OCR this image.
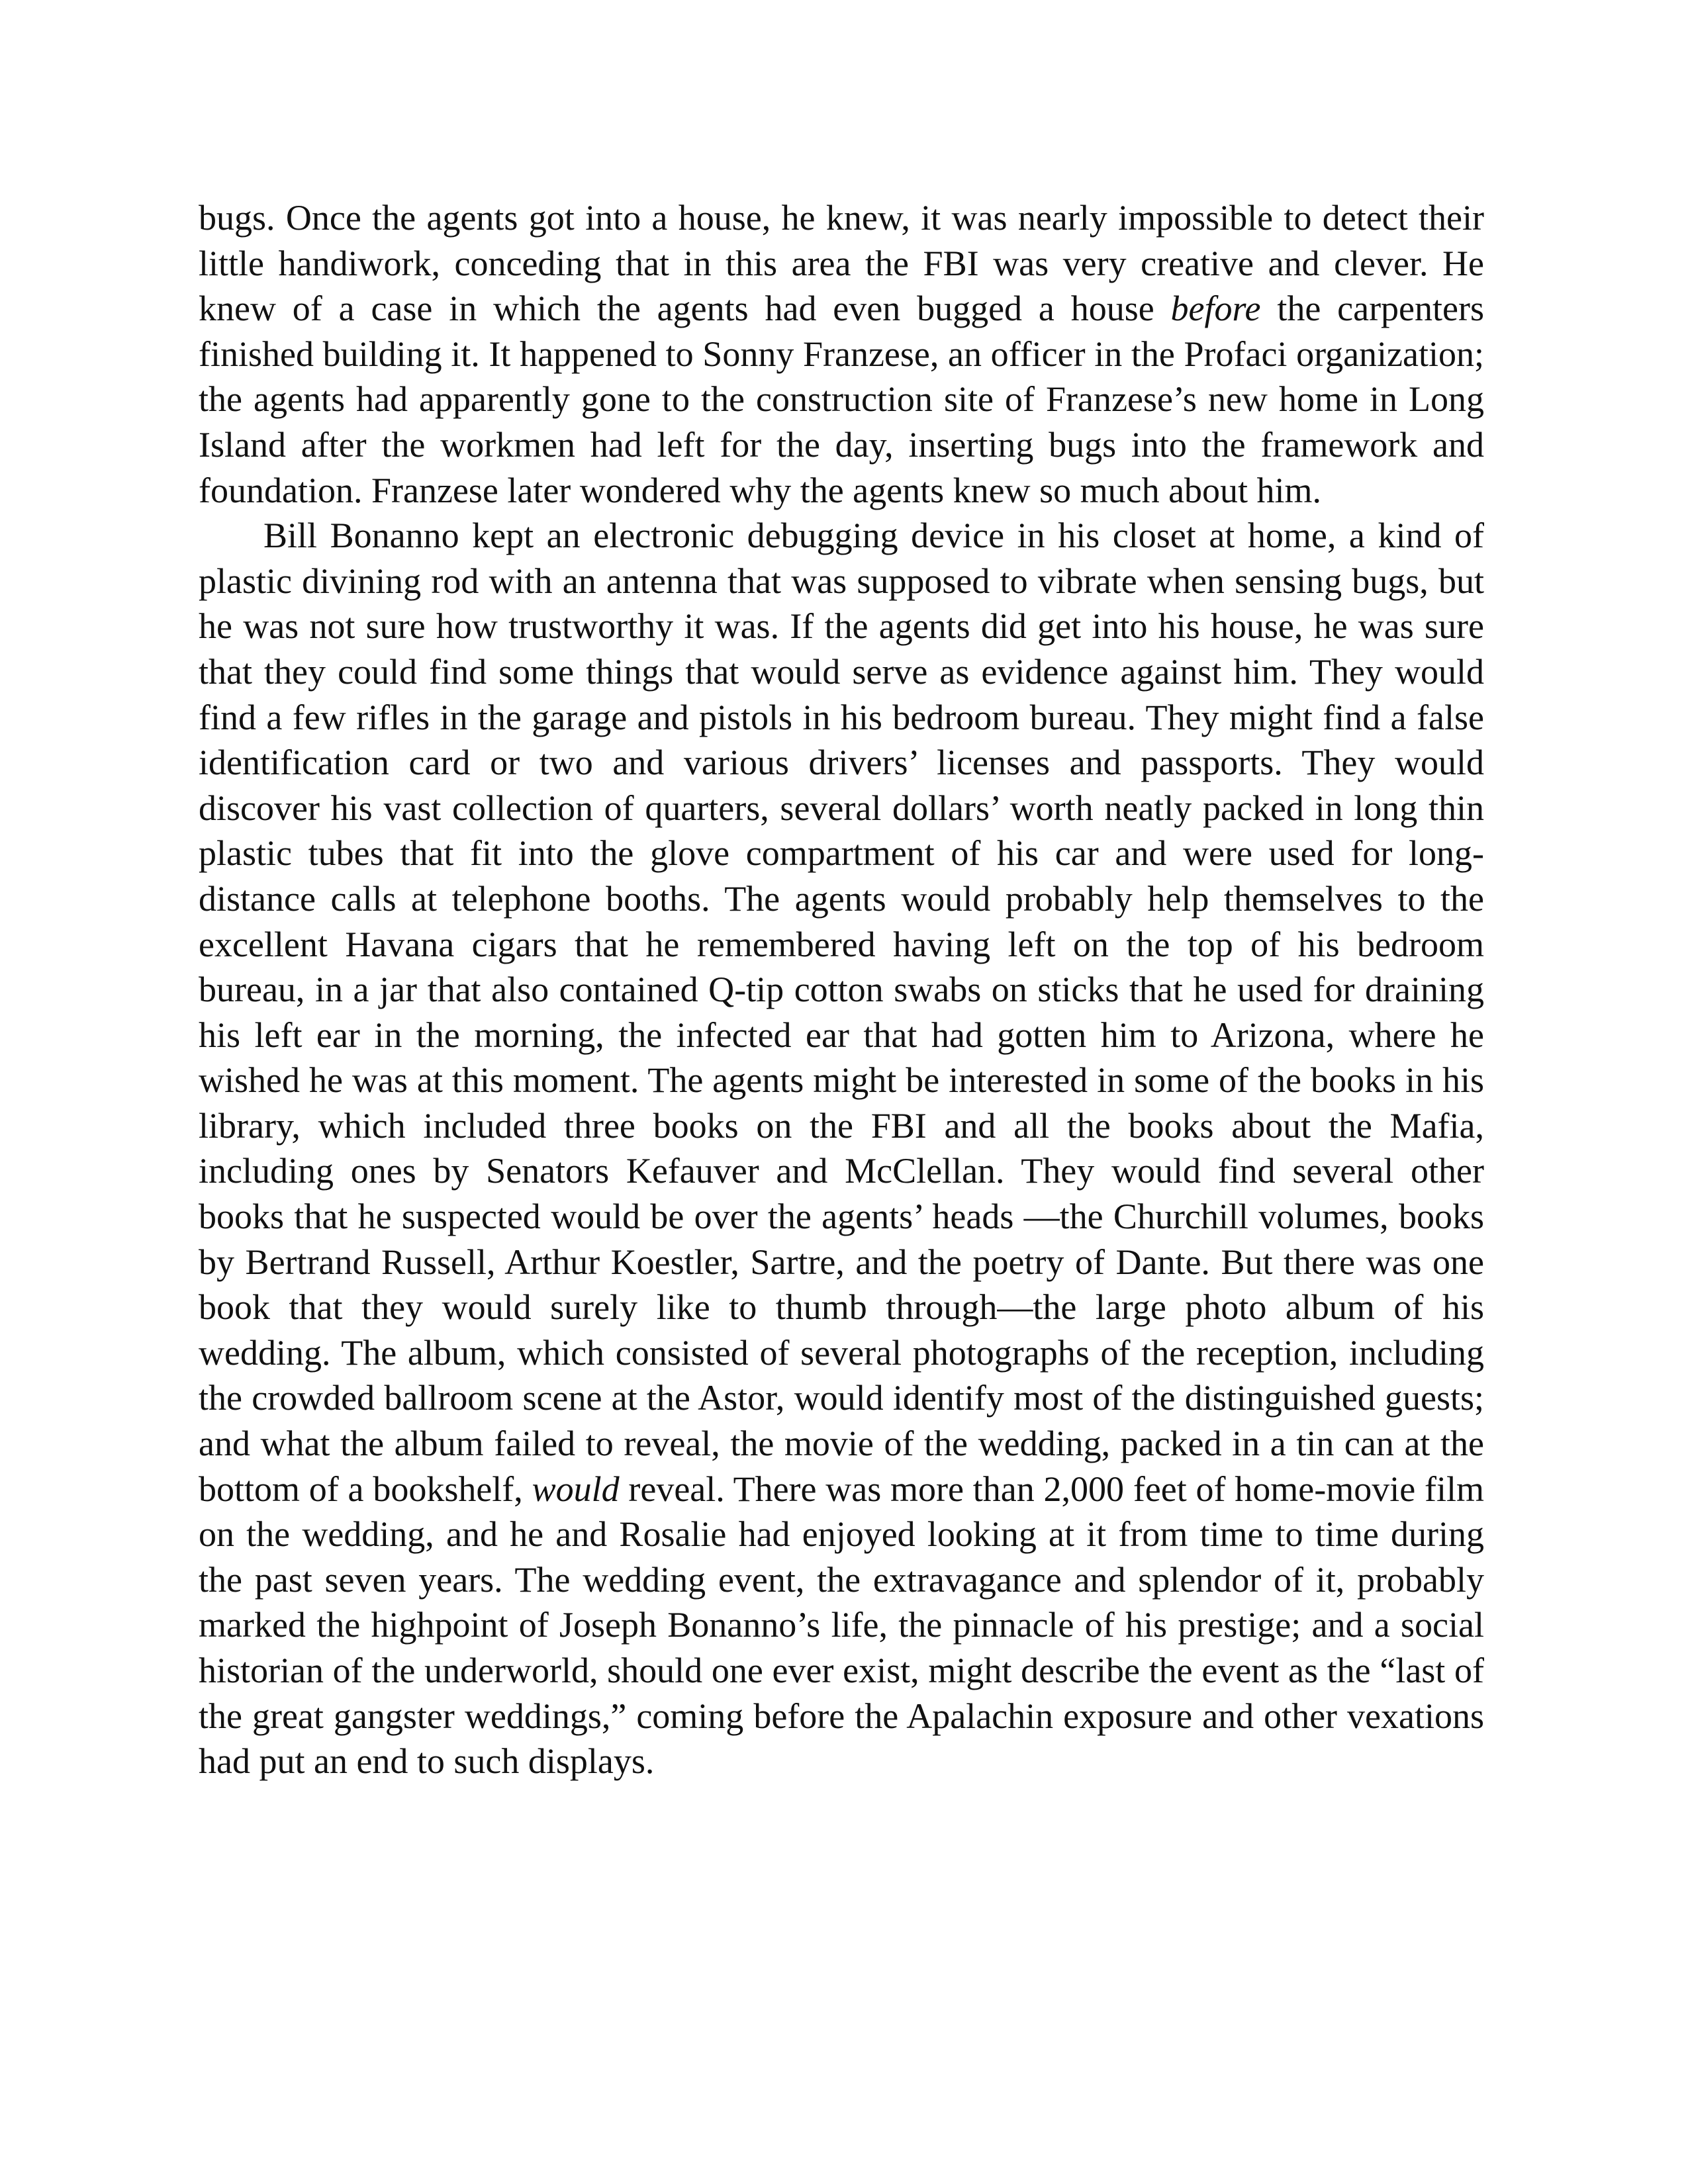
bugs. Once the agents got into a house, he knew, it was nearly impossible to detect their little handiwork, conceding that in this area the FBI was very creative and clever. He knew of a case in which the agents had even bugged a house before the carpenters finished building it. It happened to Sonny Franzese, an officer in the Profaci organization; the agents had apparently gone to the construction site of Franzese’s new home in Long Island after the workmen had left for the day, inserting bugs into the framework and foundation. Franzese later wondered why the agents knew so much about him.

Bill Bonanno kept an electronic debugging device in his closet at home, a kind of plastic divining rod with an antenna that was supposed to vibrate when sensing bugs, but he was not sure how trustworthy it was. If the agents did get into his house, he was sure that they could find some things that would serve as evidence against him. They would find a few rifles in the garage and pistols in his bedroom bureau. They might find a false identification card or two and various drivers’ licenses and passports. They would discover his vast collection of quarters, several dollars’ worth neatly packed in long thin plastic tubes that fit into the glove compartment of his car and were used for long-distance calls at telephone booths. The agents would probably help themselves to the excellent Havana cigars that he remembered having left on the top of his bedroom bureau, in a jar that also contained Q-tip cotton swabs on sticks that he used for draining his left ear in the morning, the infected ear that had gotten him to Arizona, where he wished he was at this moment. The agents might be interested in some of the books in his library, which included three books on the FBI and all the books about the Mafia, including ones by Senators Kefauver and McClellan. They would find several other books that he suspected would be over the agents’ heads —the Churchill volumes, books by Bertrand Russell, Arthur Koestler, Sartre, and the poetry of Dante. But there was one book that they would surely like to thumb through—the large photo album of his wedding. The album, which consisted of several photographs of the reception, including the crowded ballroom scene at the Astor, would identify most of the distinguished guests; and what the album failed to reveal, the movie of the wedding, packed in a tin can at the bottom of a bookshelf, would reveal. There was more than 2,000 feet of home-movie film on the wedding, and he and Rosalie had enjoyed looking at it from time to time during the past seven years. The wedding event, the extravagance and splendor of it, probably marked the highpoint of Joseph Bonanno’s life, the pinnacle of his prestige; and a social historian of the underworld, should one ever exist, might describe the event as the “last of the great gangster weddings,” coming before the Apalachin exposure and other vexations had put an end to such displays.
